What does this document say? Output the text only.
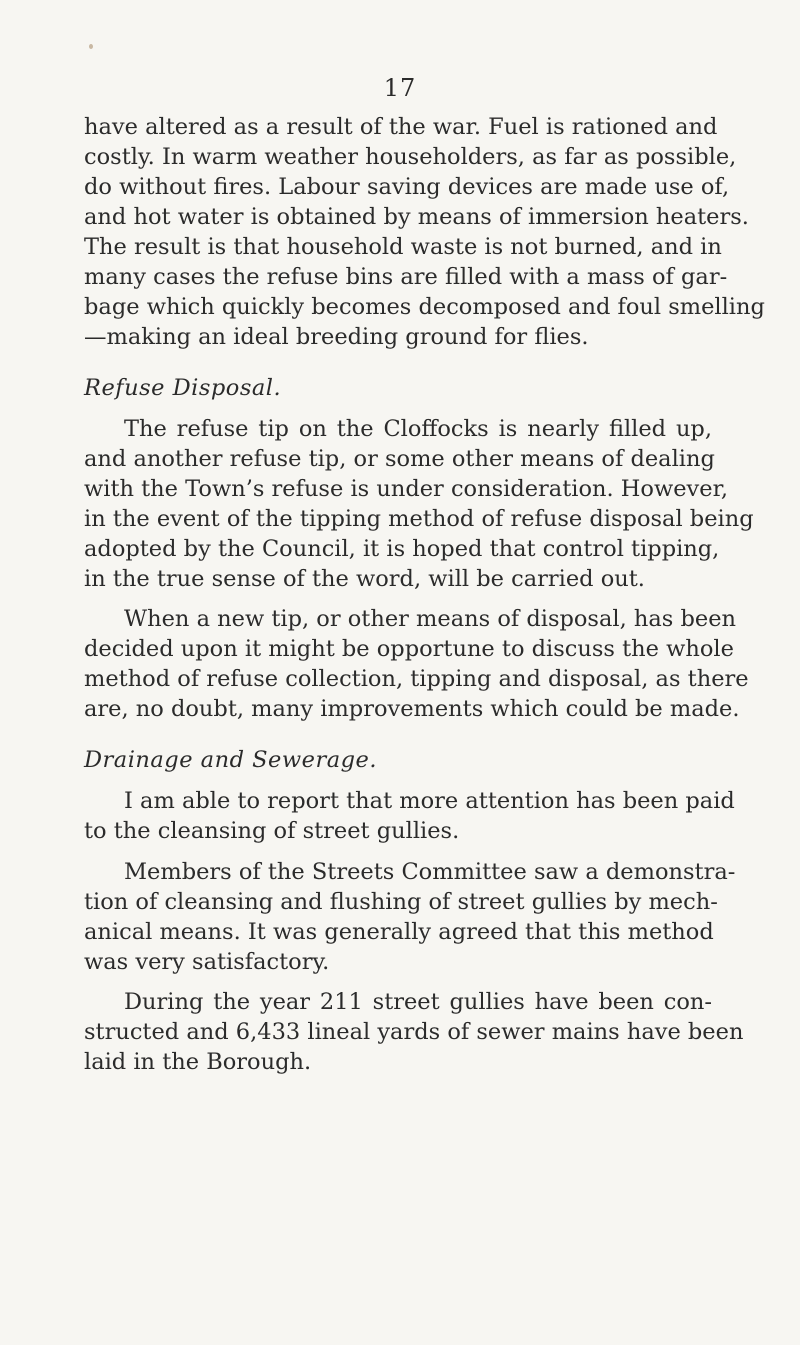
17
have altered as a result of the war. Fuel is rationed and
costly. In warm weather householders, as far as possible,
do without fires. Labour saving devices are made use of,
and hot water is obtained by means of immersion heaters.
The result is that household waste is not burned, and in
many cases the refuse bins are filled with a mass of gar-
bage which quickly becomes decomposed and foul smelling
—making an ideal breeding ground for flies.
Refuse Disposal.
The refuse tip on the Cloffocks is nearly filled up,
and another refuse tip, or some other means of dealing
with the Town’s refuse is under consideration. However,
in the event of the tipping method of refuse disposal being
adopted by the Council, it is hoped that control tipping,
in the true sense of the word, will be carried out.
When a new tip, or other means of disposal, has been
decided upon it might be opportune to discuss the whole
method of refuse collection, tipping and disposal, as there
are, no doubt, many improvements which could be made.
Drainage and Sewerage.
I am able to report that more attention has been paid
to the cleansing of street gullies.
Members of the Streets Committee saw a demonstra-
tion of cleansing and flushing of street gullies by mech-
anical means. It was generally agreed that this method
was very satisfactory.
During the year 211 street gullies have been con-
structed and 6,433 lineal yards of sewer mains have been
laid in the Borough.
